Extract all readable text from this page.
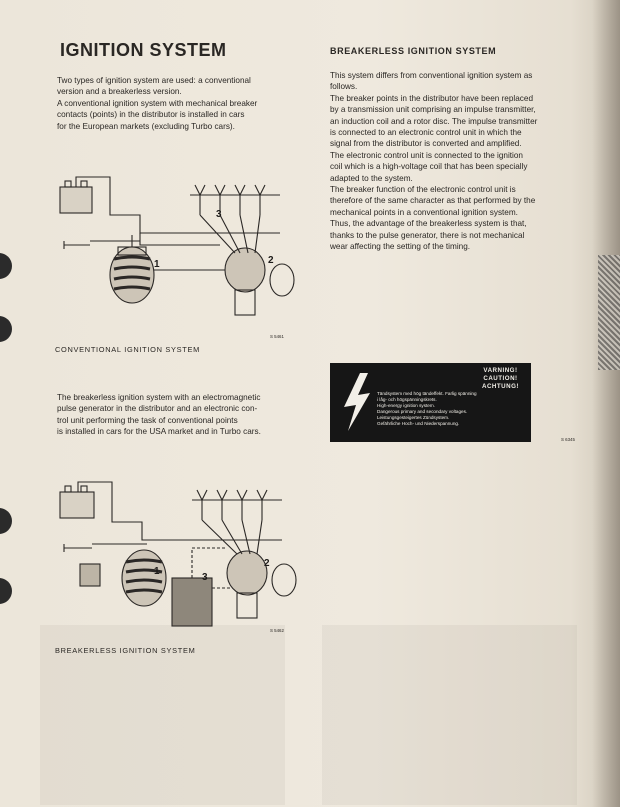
IGNITION SYSTEM
Two types of ignition system are used: a conventional
version and a breakerless version.
A conventional ignition system with mechanical breaker
contacts (points) in the distributor is installed in cars
for the European markets (excluding Turbo cars).
1	2
3
S 5461
CONVENTIONAL IGNITION SYSTEM
The breakerless ignition system with an electromagnetic
pulse generator in the distributor and an electronic con-
trol unit performing the task of conventional points
is installed in cars for the USA market and in Turbo cars.
1
2
3
S 5462
BREAKERLESS IGNITION SYSTEM
BREAKERLESS IGNITION SYSTEM
This system differs from conventional ignition system as
follows.
The breaker points in the distributor have been replaced
by a transmission unit comprising an impulse transmitter,
an induction coil and a rotor disc. The impulse transmitter
is connected to an electronic control unit in which the
signal from the distributor is converted and amplified.
The electronic control unit is connected to the ignition
coil which is a high-voltage coil that has been specially
adapted to the system.
The breaker function of the electronic control unit is
therefore of the same character as that performed by the
mechanical points in a conventional ignition system.
Thus, the advantage of the breakerless system is that,
thanks to the pulse generator, there is not mechanical
wear affecting the setting of the timing.
VARNING!
CAUTION!
ACHTUNG!
Tändsystem med hög tändeffekt. Farlig spänning
i låg- och högspänningskrets.
High-energy ignition system.
Dangerous primary and secondary voltages.
Leistungsgesteigertes Zündsystem.
Gefährliche Hoch- und Niederspannung.
S 6345
